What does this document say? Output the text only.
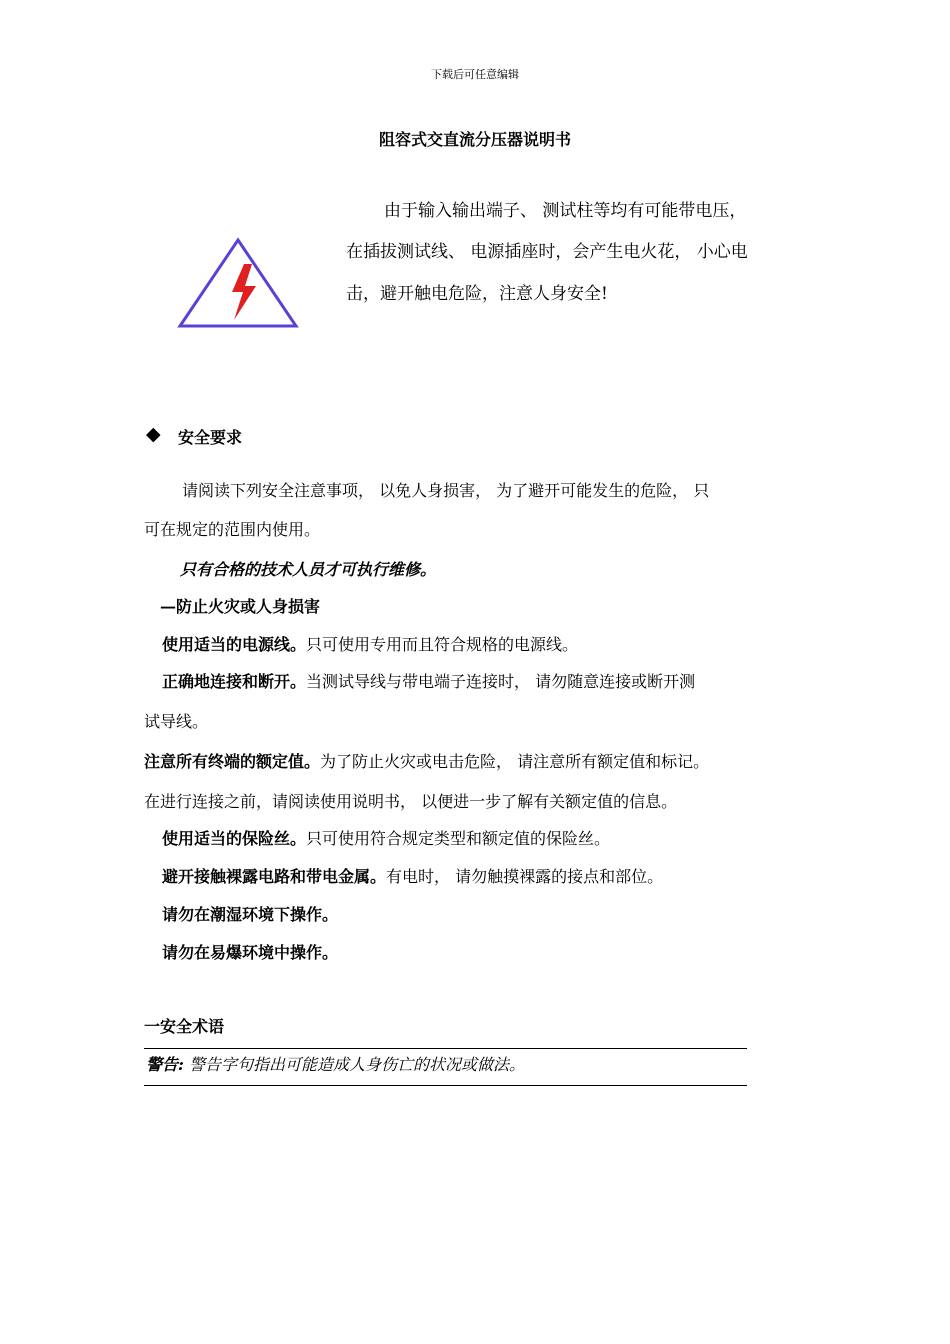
下载后可任意编辑
阻容式交直流分压器说明书
由于输入输出端子、 测试柱等均有可能带电压，
在插拔测试线、 电源插座时，会产生电火花， 小心电
击，避开触电危险，注意人身安全!
◆ 安全要求
请阅读下列安全注意事项， 以免人身损害， 为了避开可能发生的危险， 只
可在规定的范围内使用。
只有合格的技术人员才可执行维修。
—防止火灾或人身损害
使用适当的电源线。只可使用专用而且符合规格的电源线。
正确地连接和断开。当测试导线与带电端子连接时， 请勿随意连接或断开测
试导线。
注意所有终端的额定值。为了防止火灾或电击危险， 请注意所有额定值和标记。
在进行连接之前，请阅读使用说明书， 以便进一步了解有关额定值的信息。
使用适当的保险丝。只可使用符合规定类型和额定值的保险丝。
避开接触裸露电路和带电金属。有电时， 请勿触摸裸露的接点和部位。
请勿在潮湿环境下操作。
请勿在易爆环境中操作。
一安全术语
警告: 警告字句指出可能造成人身伤亡的状况或做法。
